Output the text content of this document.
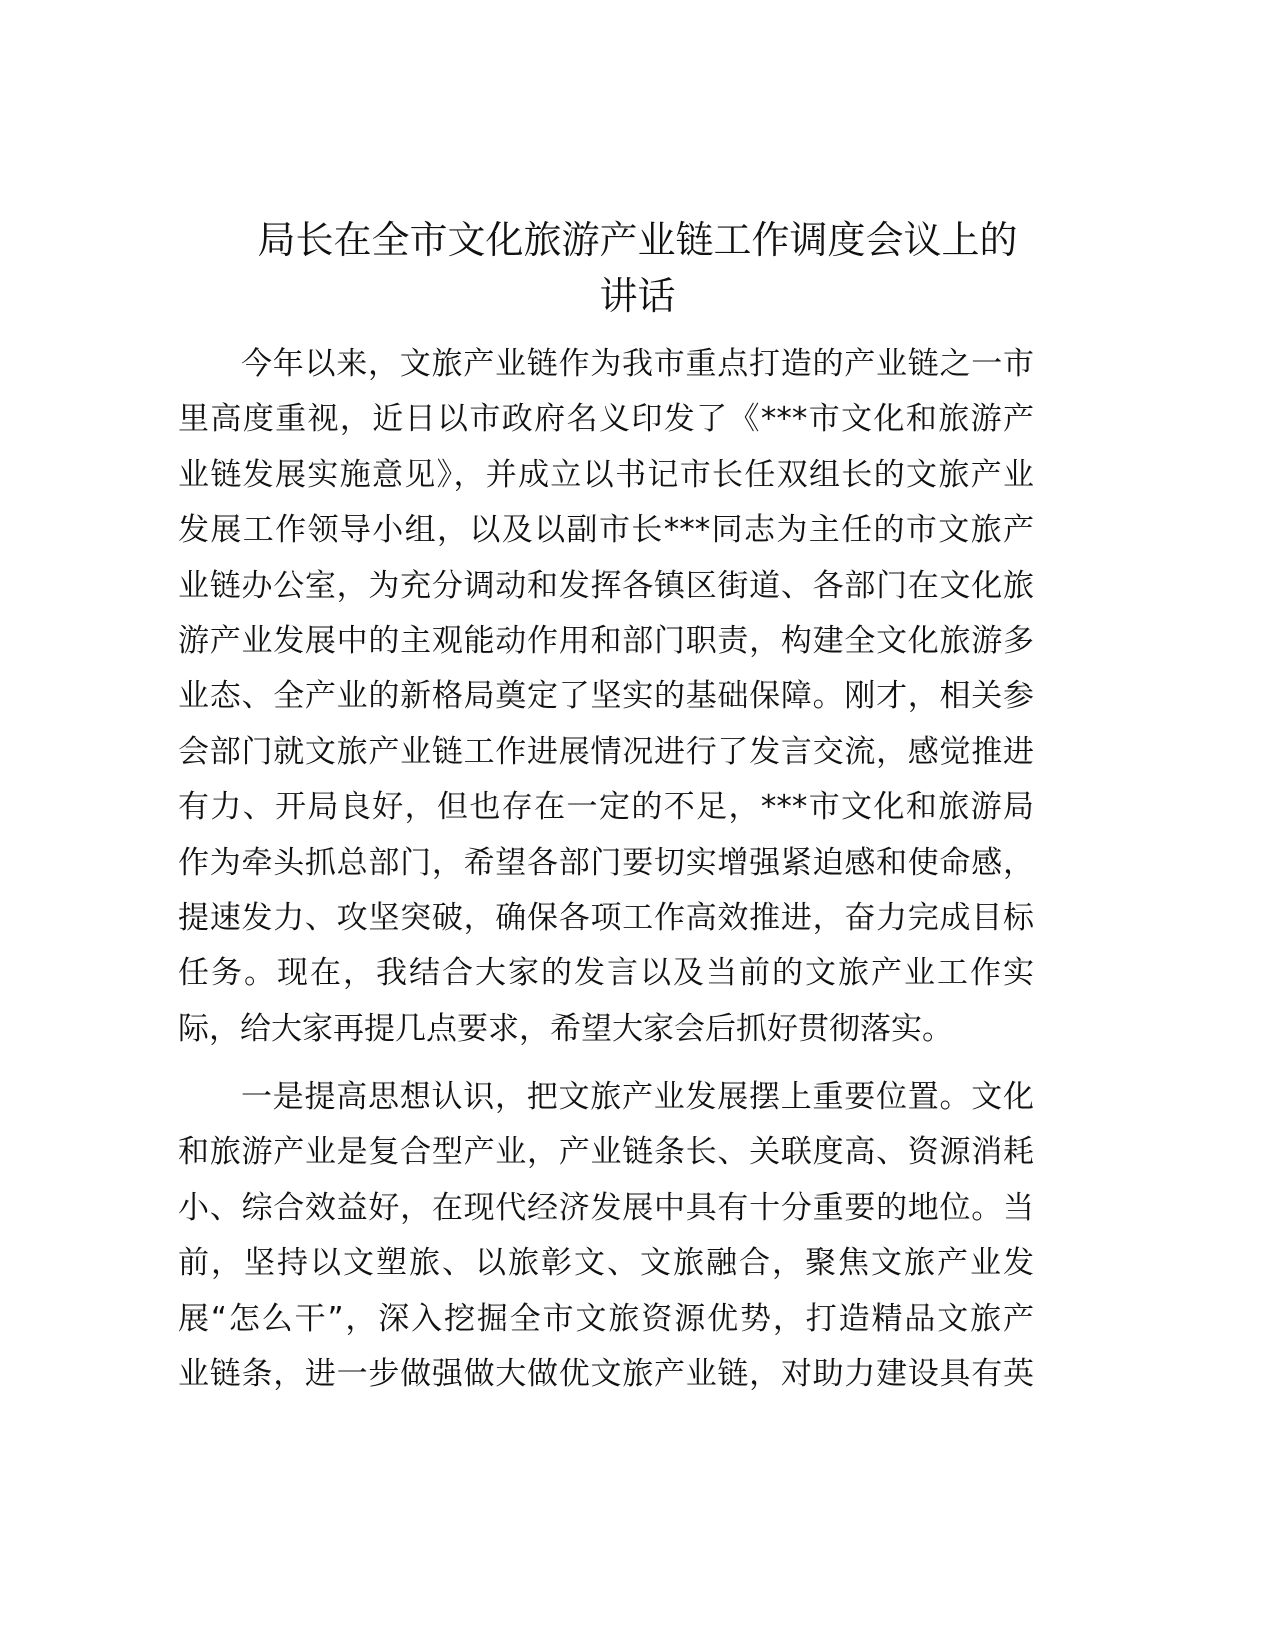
局长在全市文化旅游产业链工作调度会议上的
讲话
今年以来，文旅产业链作为我市重点打造的产业链之一市
里高度重视，近日以市政府名义印发了《***市文化和旅游产
业链发展实施意见》，并成立以书记市长任双组长的文旅产业
发展工作领导小组，以及以副市长***同志为主任的市文旅产
业链办公室，为充分调动和发挥各镇区街道、各部门在文化旅
游产业发展中的主观能动作用和部门职责，构建全文化旅游多
业态、全产业的新格局奠定了坚实的基础保障。刚才，相关参
会部门就文旅产业链工作进展情况进行了发言交流，感觉推进
有力、开局良好，但也存在一定的不足，***市文化和旅游局
作为牵头抓总部门，希望各部门要切实增强紧迫感和使命感，
提速发力、攻坚突破，确保各项工作高效推进，奋力完成目标
任务。现在，我结合大家的发言以及当前的文旅产业工作实
际，给大家再提几点要求，希望大家会后抓好贯彻落实。
一是提高思想认识，把文旅产业发展摆上重要位置。文化
和旅游产业是复合型产业，产业链条长、关联度高、资源消耗
小、综合效益好，在现代经济发展中具有十分重要的地位。当
前，坚持以文塑旅、以旅彰文、文旅融合，聚焦文旅产业发
展“怎么干”，深入挖掘全市文旅资源优势，打造精品文旅产
业链条，进一步做强做大做优文旅产业链，对助力建设具有英
